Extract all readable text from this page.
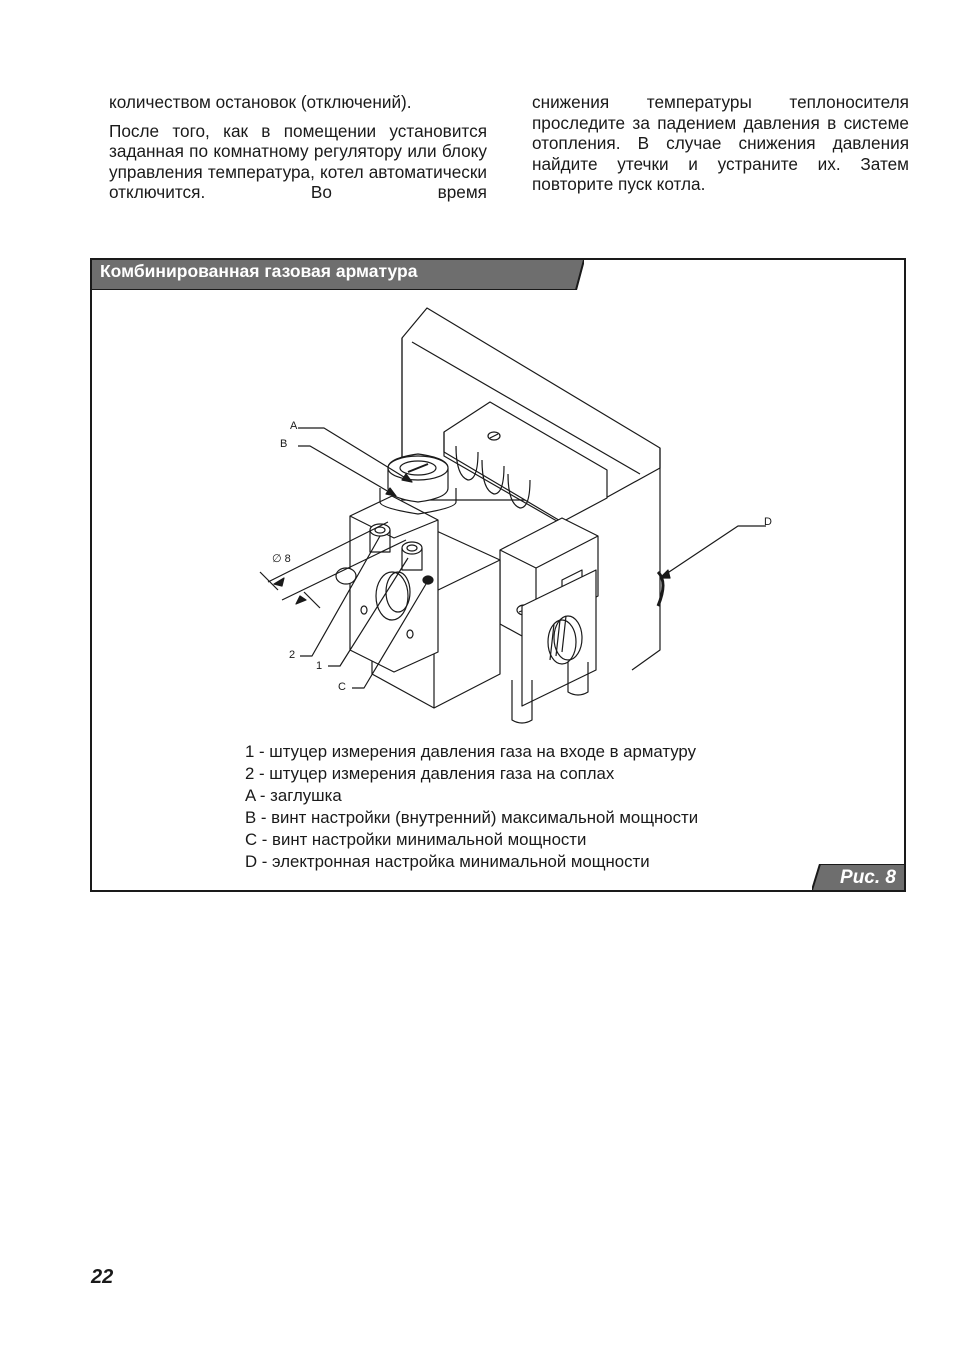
количеством остановок (отключений).

После того, как в помещении установится заданная по комнатному регулятору или блоку управления температура, котел автоматически отключится. Во время

снижения температуры теплоносителя проследите за падением давления в системе отопления. В случае снижения давления найдите утечки и устраните их. Затем повторите пуск котла.

Комбинированная газовая арматура
A
B
D
∅ 8
2
1
C
1 - штуцер измерения давления газа на входе в арматуру
2 - штуцер измерения давления газа на соплах
A - заглушка
B - винт настройки (внутренний) максимальной мощности
C - винт настройки минимальной мощности
D - электронная настройка минимальной мощности
Рис. 8
22
